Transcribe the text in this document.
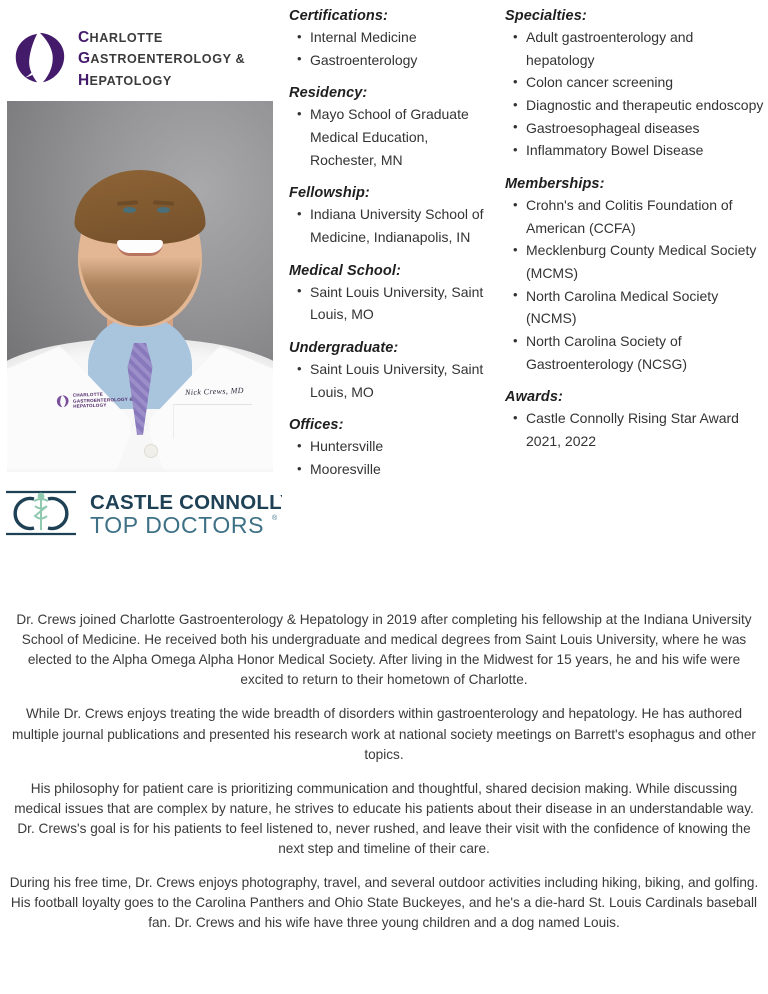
CHARLOTTE
GASTROENTEROLOGY &
HEPATOLOGY
CHARLOTTE
GASTROENTEROLOGY &
HEPATOLOGY
Nick Crews, MD
CASTLE CONNOLLY
TOP DOCTORS ®
Certifications:
• Internal Medicine
• Gastroenterology
Residency:
• Mayo School of Graduate Medical Education, Rochester, MN
Fellowship:
• Indiana University School of Medicine, Indianapolis, IN
Medical School:
• Saint Louis University, Saint Louis, MO
Undergraduate:
• Saint Louis University, Saint Louis, MO
Offices:
• Huntersville
• Mooresville
Specialties:
• Adult gastroenterology and hepatology
• Colon cancer screening
• Diagnostic and therapeutic endoscopy
• Gastroesophageal diseases
• Inflammatory Bowel Disease
Memberships:
• Crohn's and Colitis Foundation of American (CCFA)
• Mecklenburg County Medical Society (MCMS)
• North Carolina Medical Society (NCMS)
• North Carolina Society of Gastroenterology (NCSG)
Awards:
• Castle Connolly Rising Star Award 2021, 2022

Dr. Crews joined Charlotte Gastroenterology & Hepatology in 2019 after completing his fellowship at the Indiana University School of Medicine. He received both his undergraduate and medical degrees from Saint Louis University, where he was elected to the Alpha Omega Alpha Honor Medical Society. After living in the Midwest for 15 years, he and his wife were excited to return to their hometown of Charlotte.

While Dr. Crews enjoys treating the wide breadth of disorders within gastroenterology and hepatology. He has authored multiple journal publications and presented his research work at national society meetings on Barrett's esophagus and other topics.

His philosophy for patient care is prioritizing communication and thoughtful, shared decision making. While discussing medical issues that are complex by nature, he strives to educate his patients about their disease in an understandable way. Dr. Crews's goal is for his patients to feel listened to, never rushed, and leave their visit with the confidence of knowing the next step and timeline of their care.

During his free time, Dr. Crews enjoys photography, travel, and several outdoor activities including hiking, biking, and golfing. His football loyalty goes to the Carolina Panthers and Ohio State Buckeyes, and he's a die-hard St. Louis Cardinals baseball fan. Dr. Crews and his wife have three young children and a dog named Louis.
